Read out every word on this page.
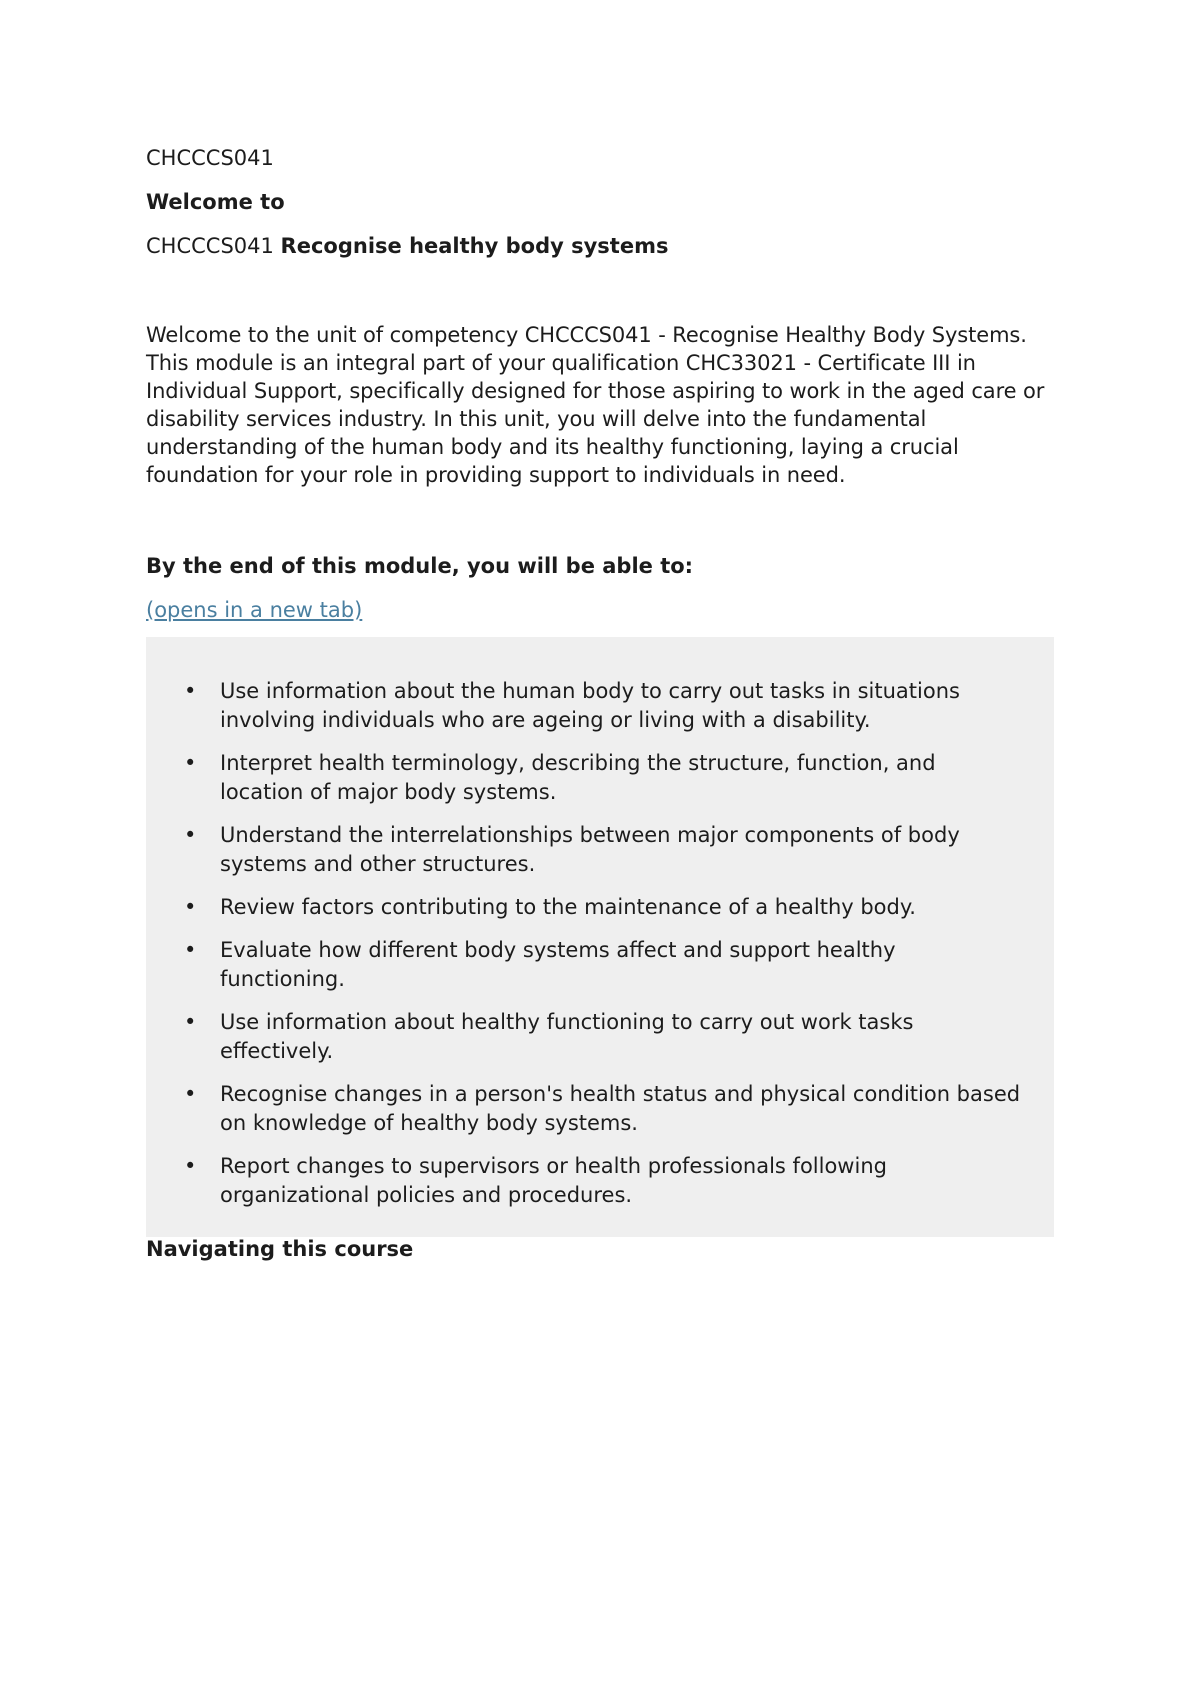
CHCCCS041

Welcome to

CHCCCS041 Recognise healthy body systems

Welcome to the unit of competency CHCCCS041 - Recognise Healthy Body Systems. This module is an integral part of your qualification CHC33021 - Certificate III in Individual Support, specifically designed for those aspiring to work in the aged care or disability services industry. In this unit, you will delve into the fundamental understanding of the human body and its healthy functioning, laying a crucial foundation for your role in providing support to individuals in need.

By the end of this module, you will be able to:

(opens in a new tab)
• Use information about the human body to carry out tasks in situations involving individuals who are ageing or living with a disability.
• Interpret health terminology, describing the structure, function, and location of major body systems.
• Understand the interrelationships between major components of body systems and other structures.
• Review factors contributing to the maintenance of a healthy body.
• Evaluate how different body systems affect and support healthy functioning.
• Use information about healthy functioning to carry out work tasks effectively.
• Recognise changes in a person's health status and physical condition based on knowledge of healthy body systems.
• Report changes to supervisors or health professionals following organizational policies and procedures.

Navigating this course
